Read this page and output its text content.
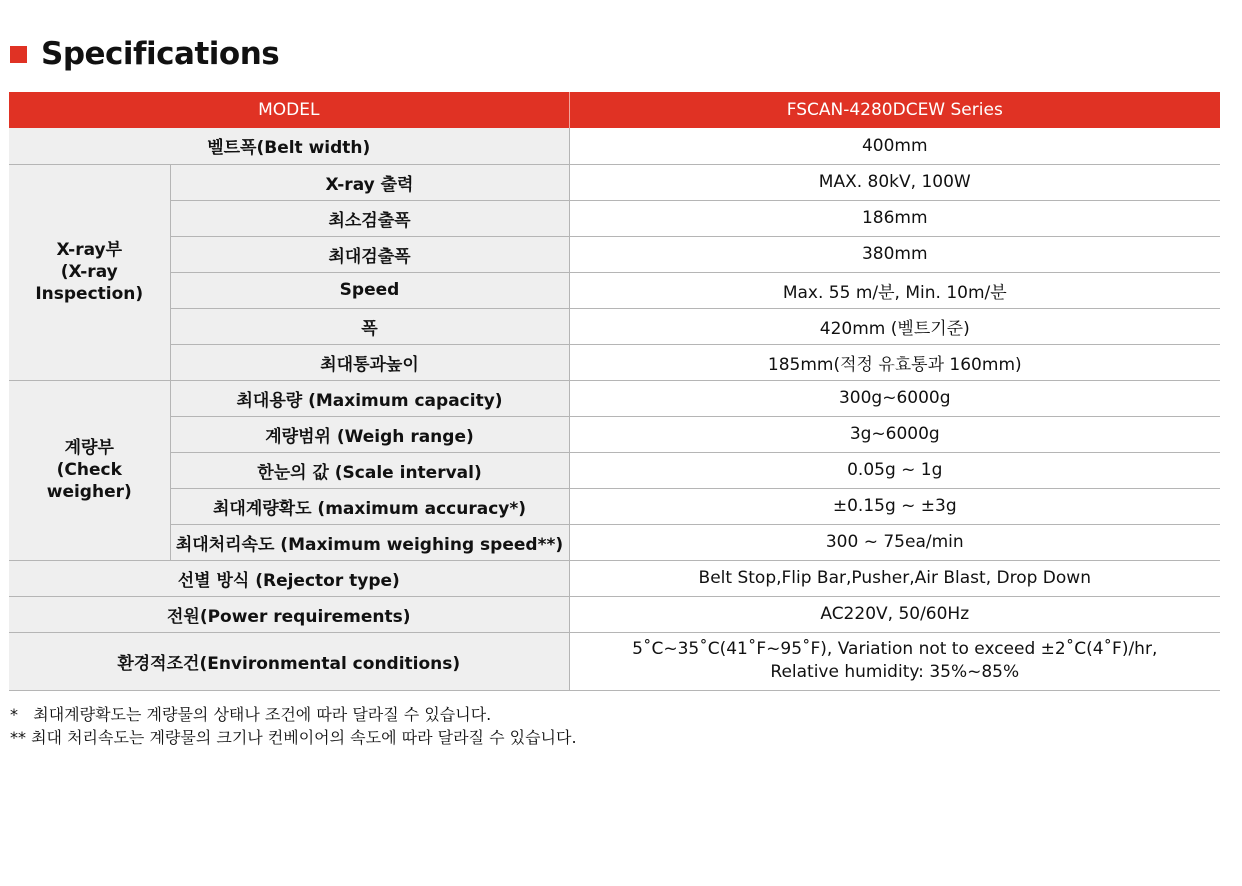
Specifications
MODEL		FSCAN-4280DCEW Series
벨트폭(Belt width)		400mm
X-ray부
(X-ray
Inspection)	X-ray 출력	MAX. 80kV, 100W
	최소검출폭	186mm
	최대검출폭	380mm
	Speed	Max. 55 m/분, Min. 10m/분
	폭	420mm (벨트기준)
	최대통과높이	185mm(적정 유효통과 160mm)
계량부
(Check weigher)	최대용량 (Maximum capacity)	300g~6000g
	계량범위 (Weigh range)	3g~6000g
	한눈의 값 (Scale interval)	0.05g ~ 1g
	최대계량확도 (maximum accuracy*)	±0.15g ~ ±3g
	최대처리속도 (Maximum weighing speed**)	300 ~ 75ea/min
선별 방식 (Rejector type)		Belt Stop,Flip Bar,Pusher,Air Blast, Drop Down
전원(Power requirements)		AC220V, 50/60Hz
환경적조건(Environmental conditions)		5˚C~35˚C(41˚F~95˚F), Variation not to exceed ±2˚C(4˚F)/hr,
Relative humidity: 35%~85%
*   최대계량확도는 계량물의 상태나 조건에 따라 달라질 수 있습니다.
** 최대 처리속도는 계량물의 크기나 컨베이어의 속도에 따라 달라질 수 있습니다.
